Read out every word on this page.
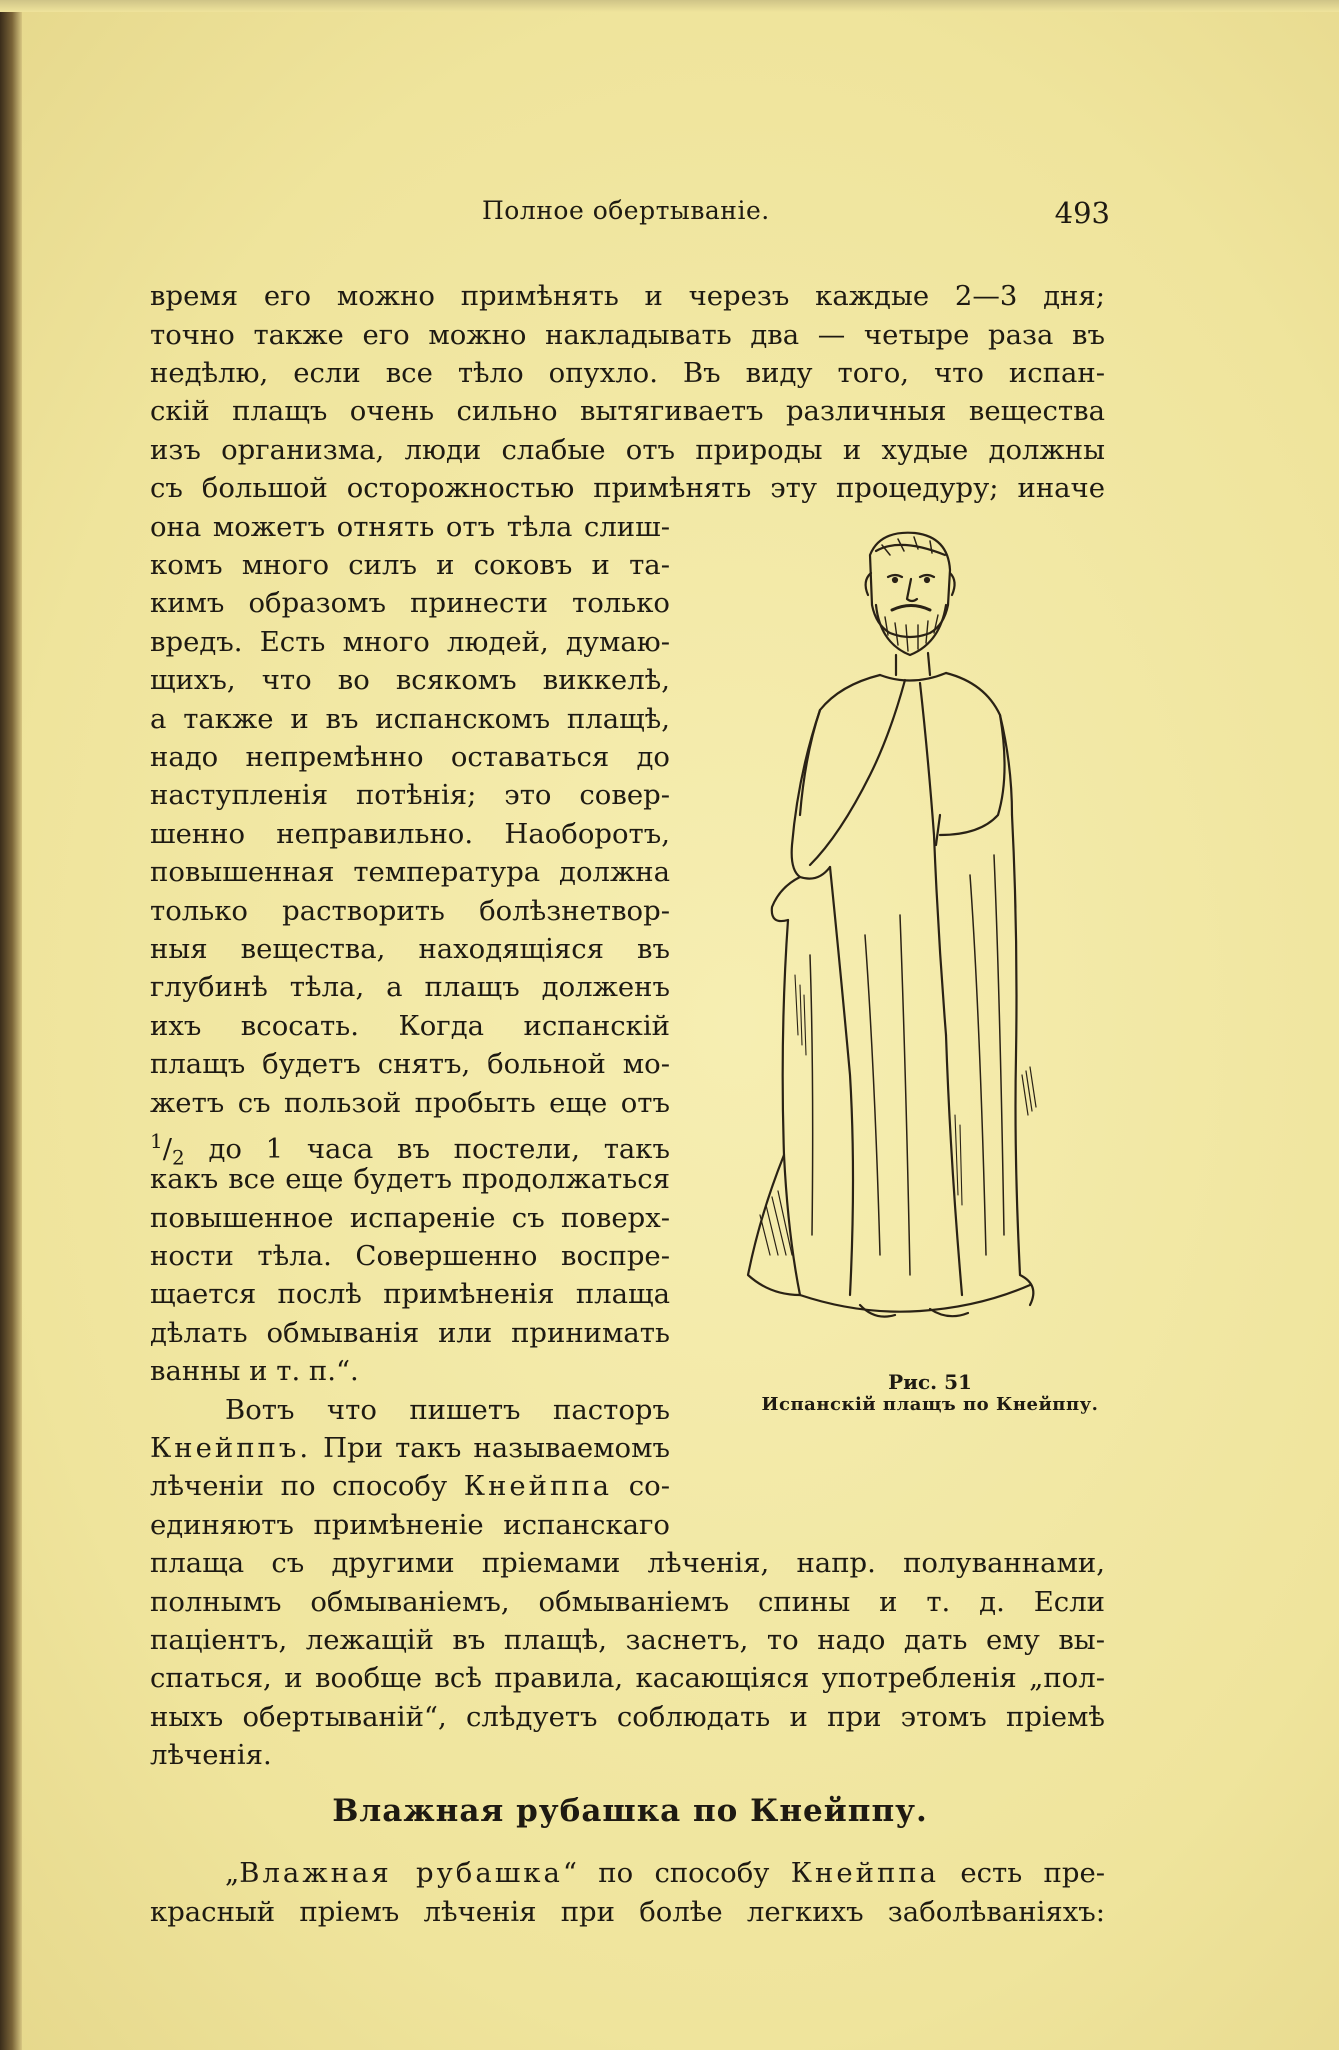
Полное обертываніе.	493
время его можно примѣнять и черезъ каждые 2—3 дня;
точно также его можно накладывать два — четыре раза въ
недѣлю, если все тѣло опухло. Въ виду того, что испан-
скій плащъ очень сильно вытягиваетъ различныя вещества
изъ организма, люди слабые отъ природы и худые должны
съ большой осторожностью примѣнять эту процедуру; иначе
она можетъ отнять отъ тѣла слиш-
комъ много силъ и соковъ и та-
кимъ образомъ принести только
вредъ. Есть много людей, думаю-
щихъ, что во всякомъ виккелѣ,
а также и въ испанскомъ плащѣ,
надо непремѣнно оставаться до
наступленія потѣнія; это совер-
шенно неправильно. Наоборотъ,
повышенная температура должна
только растворить болѣзнетвор-
ныя вещества, находящіяся въ
глубинѣ тѣла, а плащъ долженъ
ихъ всосать. Когда испанскій
плащъ будетъ снятъ, больной мо-
жетъ съ пользой пробыть еще отъ
$^1/_2$ до 1 часа въ постели, такъ
какъ все еще будетъ продолжаться
повышенное испареніе съ поверх-
ности тѣла. Совершенно воспре-
щается послѣ примѣненія плаща
дѣлать обмыванія или принимать
ванны и т. п.“.
Вотъ что пишетъ пасторъ
Кнейппъ. При такъ называемомъ
лѣченіи по способу Кнейппа со-
единяютъ примѣненіе испанскаго
плаща съ другими пріемами лѣченія, напр. полуваннами,
полнымъ обмываніемъ, обмываніемъ спины и т. д. Если
паціентъ, лежащій въ плащѣ, заснетъ, то надо дать ему вы-
спаться, и вообще всѣ правила, касающіяся употребленія „пол-
ныхъ обертываній“, слѣдуетъ соблюдать и при этомъ пріемѣ
лѣченія.
Влажная рубашка по Кнейппу.
„Влажная рубашка“ по способу Кнейппа есть пре-
красный пріемъ лѣченія при болѣе легкихъ заболѣваніяхъ:
Рис. 51
Испанскій плащъ по Кнейппу.
